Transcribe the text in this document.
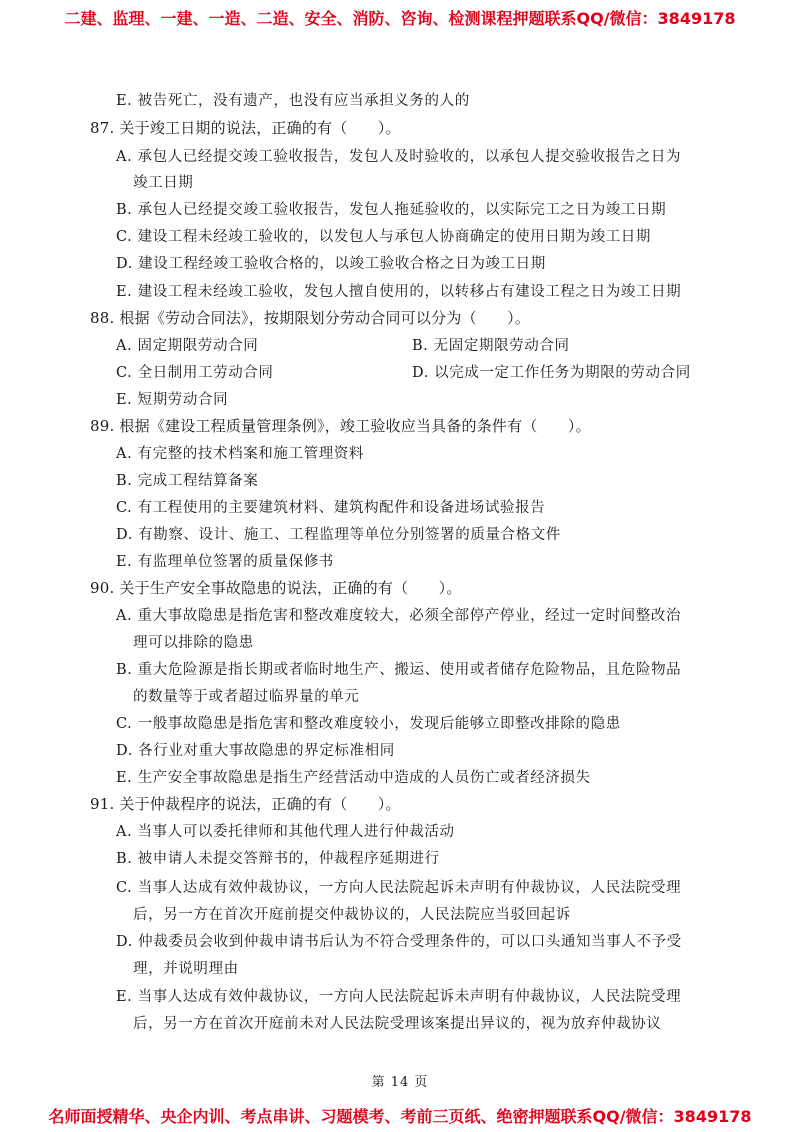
二建、监理、一建、一造、二造、安全、消防、咨询、检测课程押题联系QQ/微信：3849178
E. 被告死亡，没有遗产，也没有应当承担义务的人的
87. 关于竣工日期的说法，正确的有（　　）。
A. 承包人已经提交竣工验收报告，发包人及时验收的，以承包人提交验收报告之日为
竣工日期
B. 承包人已经提交竣工验收报告，发包人拖延验收的，以实际完工之日为竣工日期
C. 建设工程未经竣工验收的，以发包人与承包人协商确定的使用日期为竣工日期
D. 建设工程经竣工验收合格的，以竣工验收合格之日为竣工日期
E. 建设工程未经竣工验收，发包人擅自使用的，以转移占有建设工程之日为竣工日期
88. 根据《劳动合同法》，按期限划分劳动合同可以分为（　　）。
A. 固定期限劳动合同	B. 无固定期限劳动合同
C. 全日制用工劳动合同	D. 以完成一定工作任务为期限的劳动合同
E. 短期劳动合同
89. 根据《建设工程质量管理条例》，竣工验收应当具备的条件有（　　）。
A. 有完整的技术档案和施工管理资料
B. 完成工程结算备案
C. 有工程使用的主要建筑材料、建筑构配件和设备进场试验报告
D. 有勘察、设计、施工、工程监理等单位分别签署的质量合格文件
E. 有监理单位签署的质量保修书
90. 关于生产安全事故隐患的说法，正确的有（　　）。
A. 重大事故隐患是指危害和整改难度较大，必须全部停产停业，经过一定时间整改治
理可以排除的隐患
B. 重大危险源是指长期或者临时地生产、搬运、使用或者储存危险物品，且危险物品
的数量等于或者超过临界量的单元
C. 一般事故隐患是指危害和整改难度较小，发现后能够立即整改排除的隐患
D. 各行业对重大事故隐患的界定标准相同
E. 生产安全事故隐患是指生产经营活动中造成的人员伤亡或者经济损失
91. 关于仲裁程序的说法，正确的有（　　）。
A. 当事人可以委托律师和其他代理人进行仲裁活动
B. 被申请人未提交答辩书的，仲裁程序延期进行
C. 当事人达成有效仲裁协议，一方向人民法院起诉未声明有仲裁协议，人民法院受理
后，另一方在首次开庭前提交仲裁协议的，人民法院应当驳回起诉
D. 仲裁委员会收到仲裁申请书后认为不符合受理条件的，可以口头通知当事人不予受
理，并说明理由
E. 当事人达成有效仲裁协议，一方向人民法院起诉未声明有仲裁协议，人民法院受理
后，另一方在首次开庭前未对人民法院受理该案提出异议的，视为放弃仲裁协议
第 14 页
名师面授精华、央企内训、考点串讲、习题模考、考前三页纸、绝密押题联系QQ/微信：3849178
